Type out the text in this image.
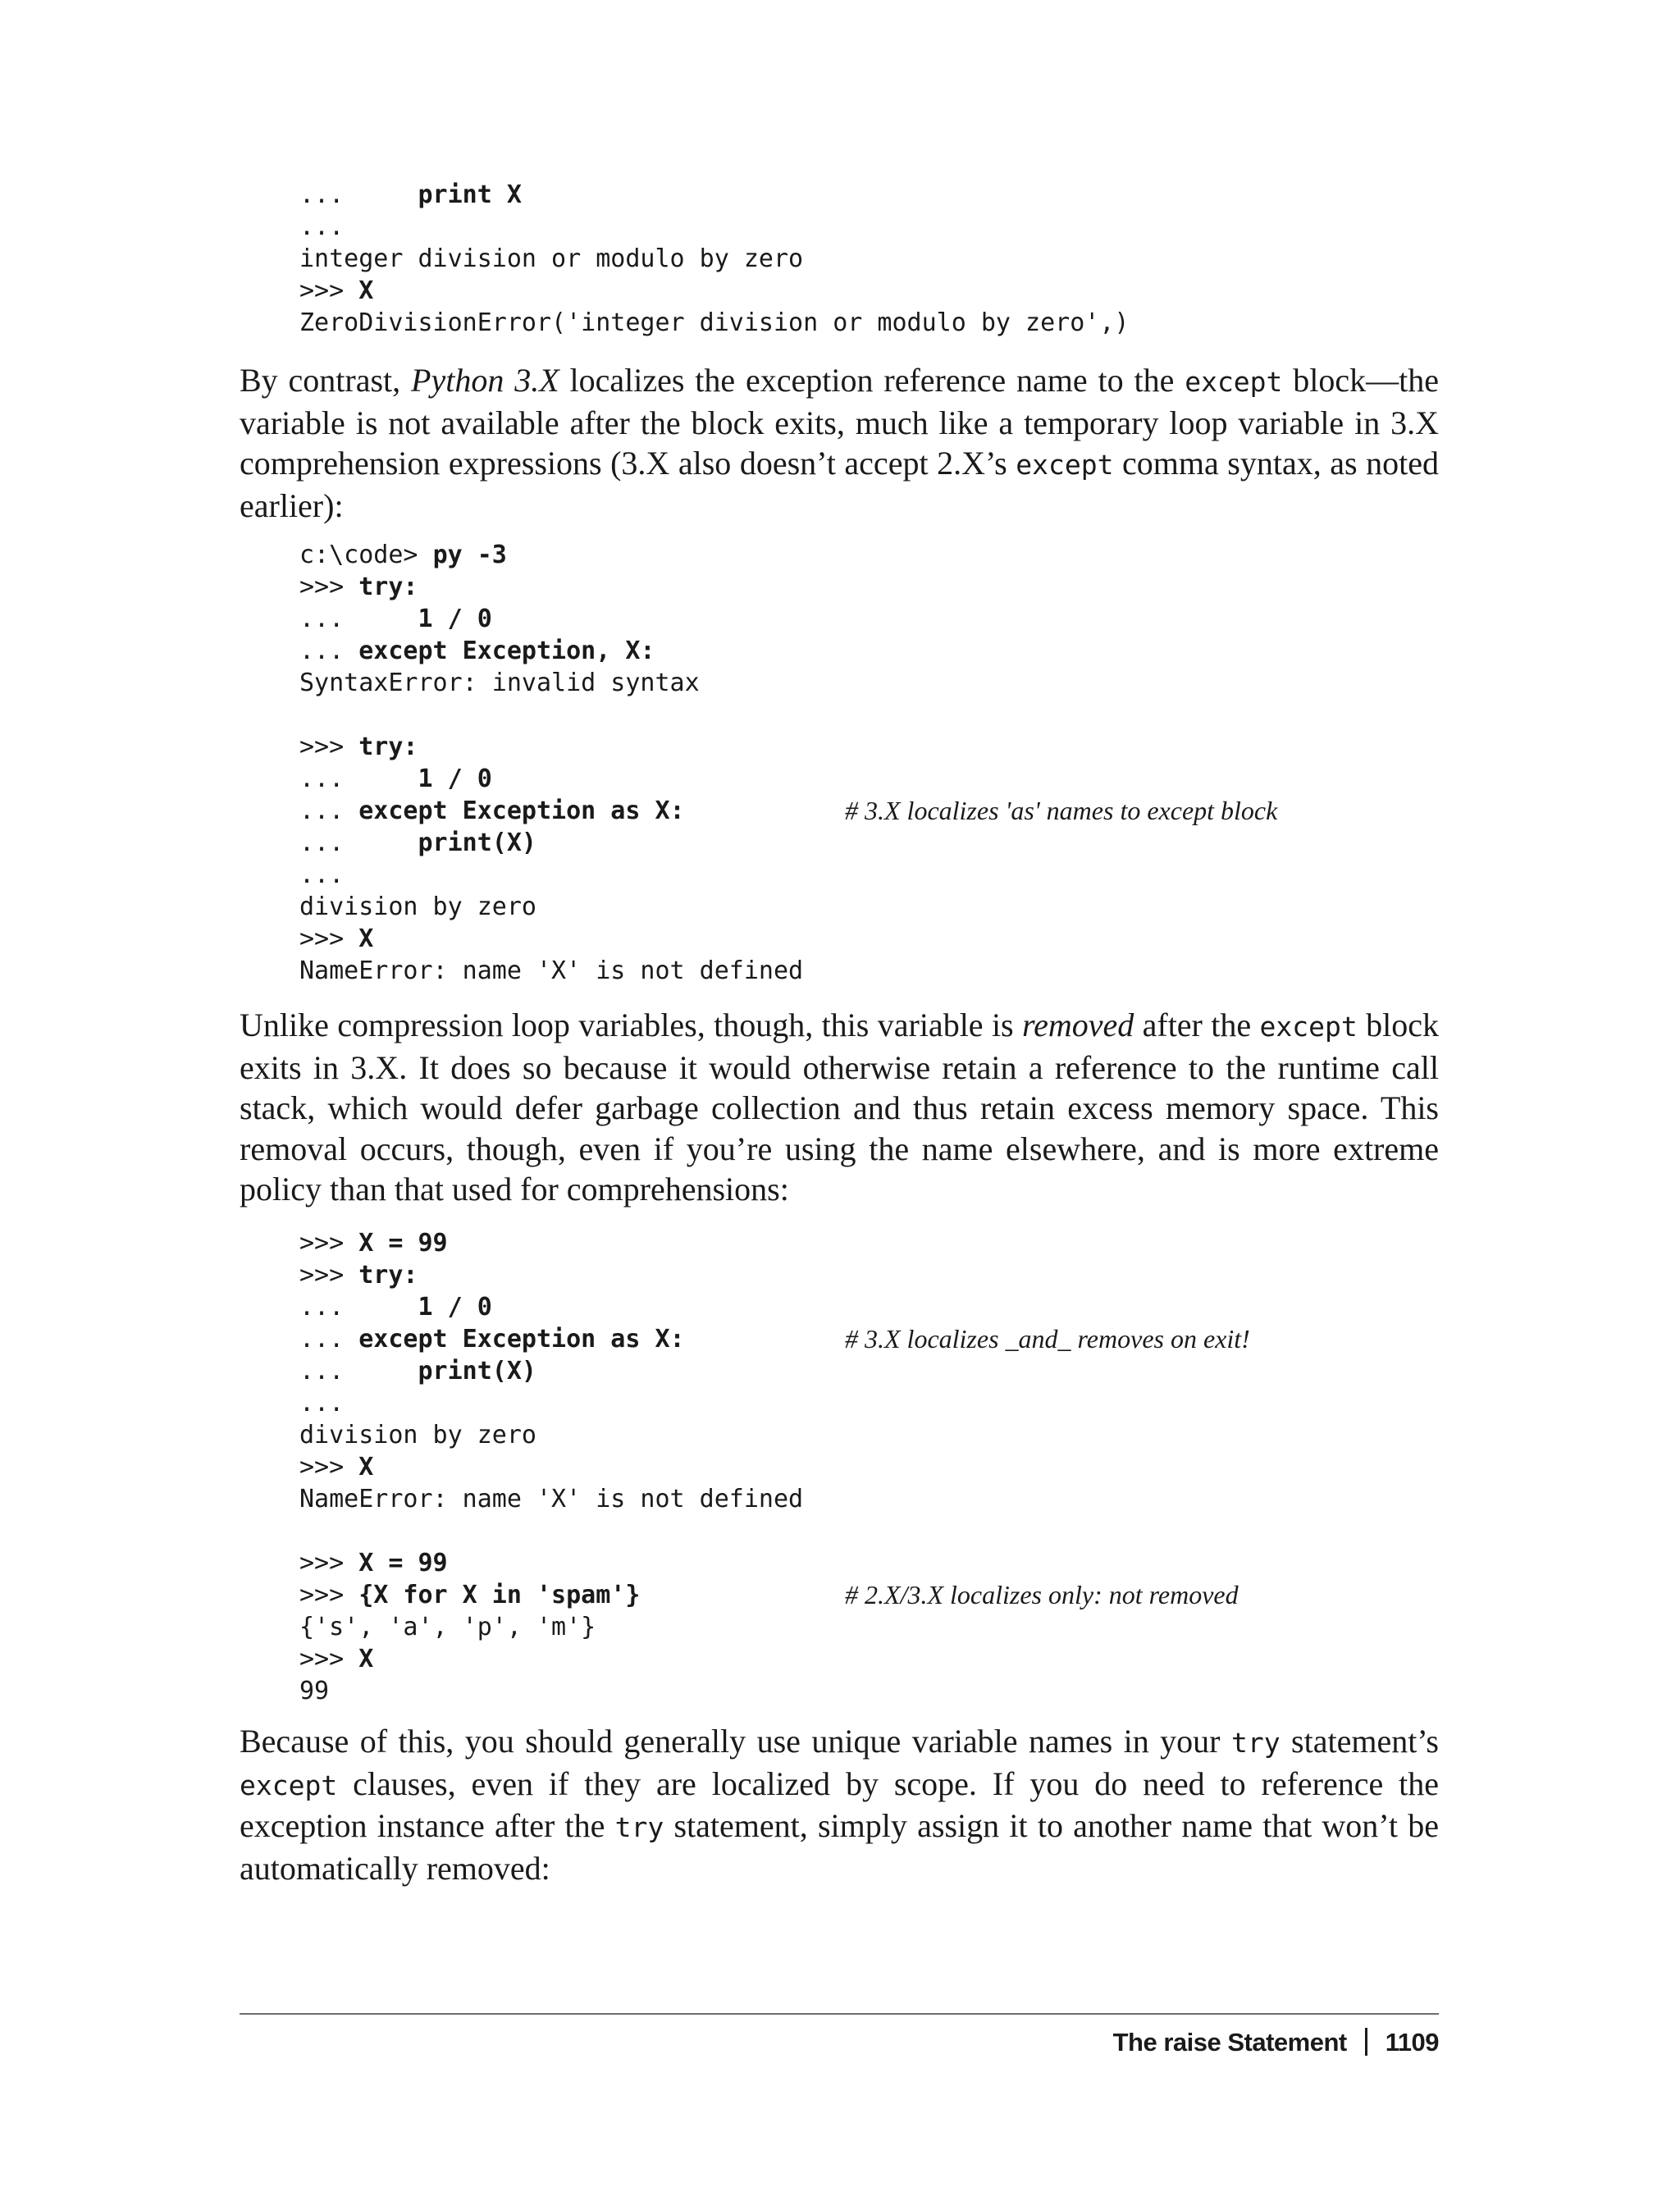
...     print X
...
integer division or modulo by zero
>>> X
ZeroDivisionError('integer division or modulo by zero',)

By contrast, Python 3.X localizes the exception reference name to the except block—the variable is not available after the block exits, much like a temporary loop variable in 3.X comprehension expressions (3.X also doesn’t accept 2.X’s except comma syntax, as noted earlier):

c:\code> py -3
>>> try:
...     1 / 0
... except Exception, X:
SyntaxError: invalid syntax
>>> try:
...     1 / 0
... except Exception as X:	# 3.X localizes 'as' names to except block
...     print(X)
...
division by zero
>>> X
NameError: name 'X' is not defined

Unlike compression loop variables, though, this variable is removed after the except block exits in 3.X. It does so because it would otherwise retain a reference to the runtime call stack, which would defer garbage collection and thus retain excess memory space. This removal occurs, though, even if you’re using the name elsewhere, and is more extreme policy than that used for comprehensions:

>>> X = 99
>>> try:
...     1 / 0
... except Exception as X:	# 3.X localizes _and_ removes on exit!
...     print(X)
...
division by zero
>>> X
NameError: name 'X' is not defined
>>> X = 99
>>> {X for X in 'spam'}	# 2.X/3.X localizes only: not removed
{'s', 'a', 'p', 'm'}
>>> X
99

Because of this, you should generally use unique variable names in your try statement’s except clauses, even if they are localized by scope. If you do need to reference the exception instance after the try statement, simply assign it to another name that won’t be automatically removed:

The raise Statement 1109
